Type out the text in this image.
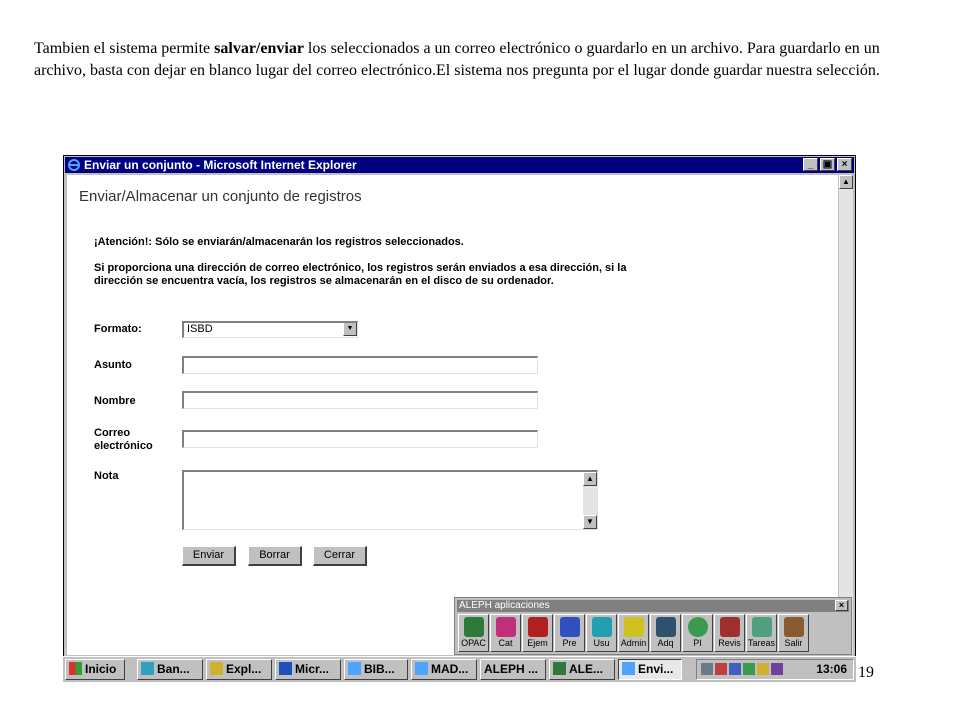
Tambien el sistema permite salvar/enviar los seleccionados a un correo electrónico o guardarlo en un archivo. Para guardarlo en un archivo, basta con dejar en blanco lugar del correo electrónico.El sistema nos pregunta por el lugar donde guardar nuestra selección.
Enviar un conjunto - Microsoft Internet Explorer	_ ▣ ×
Enviar/Almacenar un conjunto de registros
¡Atención!: Sólo se enviarán/almacenarán los registros seleccionados.
Si proporciona una dirección de correo electrónico, los registros serán enviados a esa dirección, si la dirección se encuentra vacía, los registros se almacenarán en el disco de su ordenador.
Formato:	ISBD	▼
Asunto
Nombre
Correo electrónico
Nota	▲
▼
Enviar	Borrar	Cerrar
▲
ALEPH aplicaciones	×
OPAC	Cat	Ejem	Pre	Usu	Admin	Adq	PI	Revis Tareas	Salir
Inicio	Ban...	Expl...	Micr...	BIB...	MAD...	ALEPH ...	ALE...	Envi...	13:06 19
